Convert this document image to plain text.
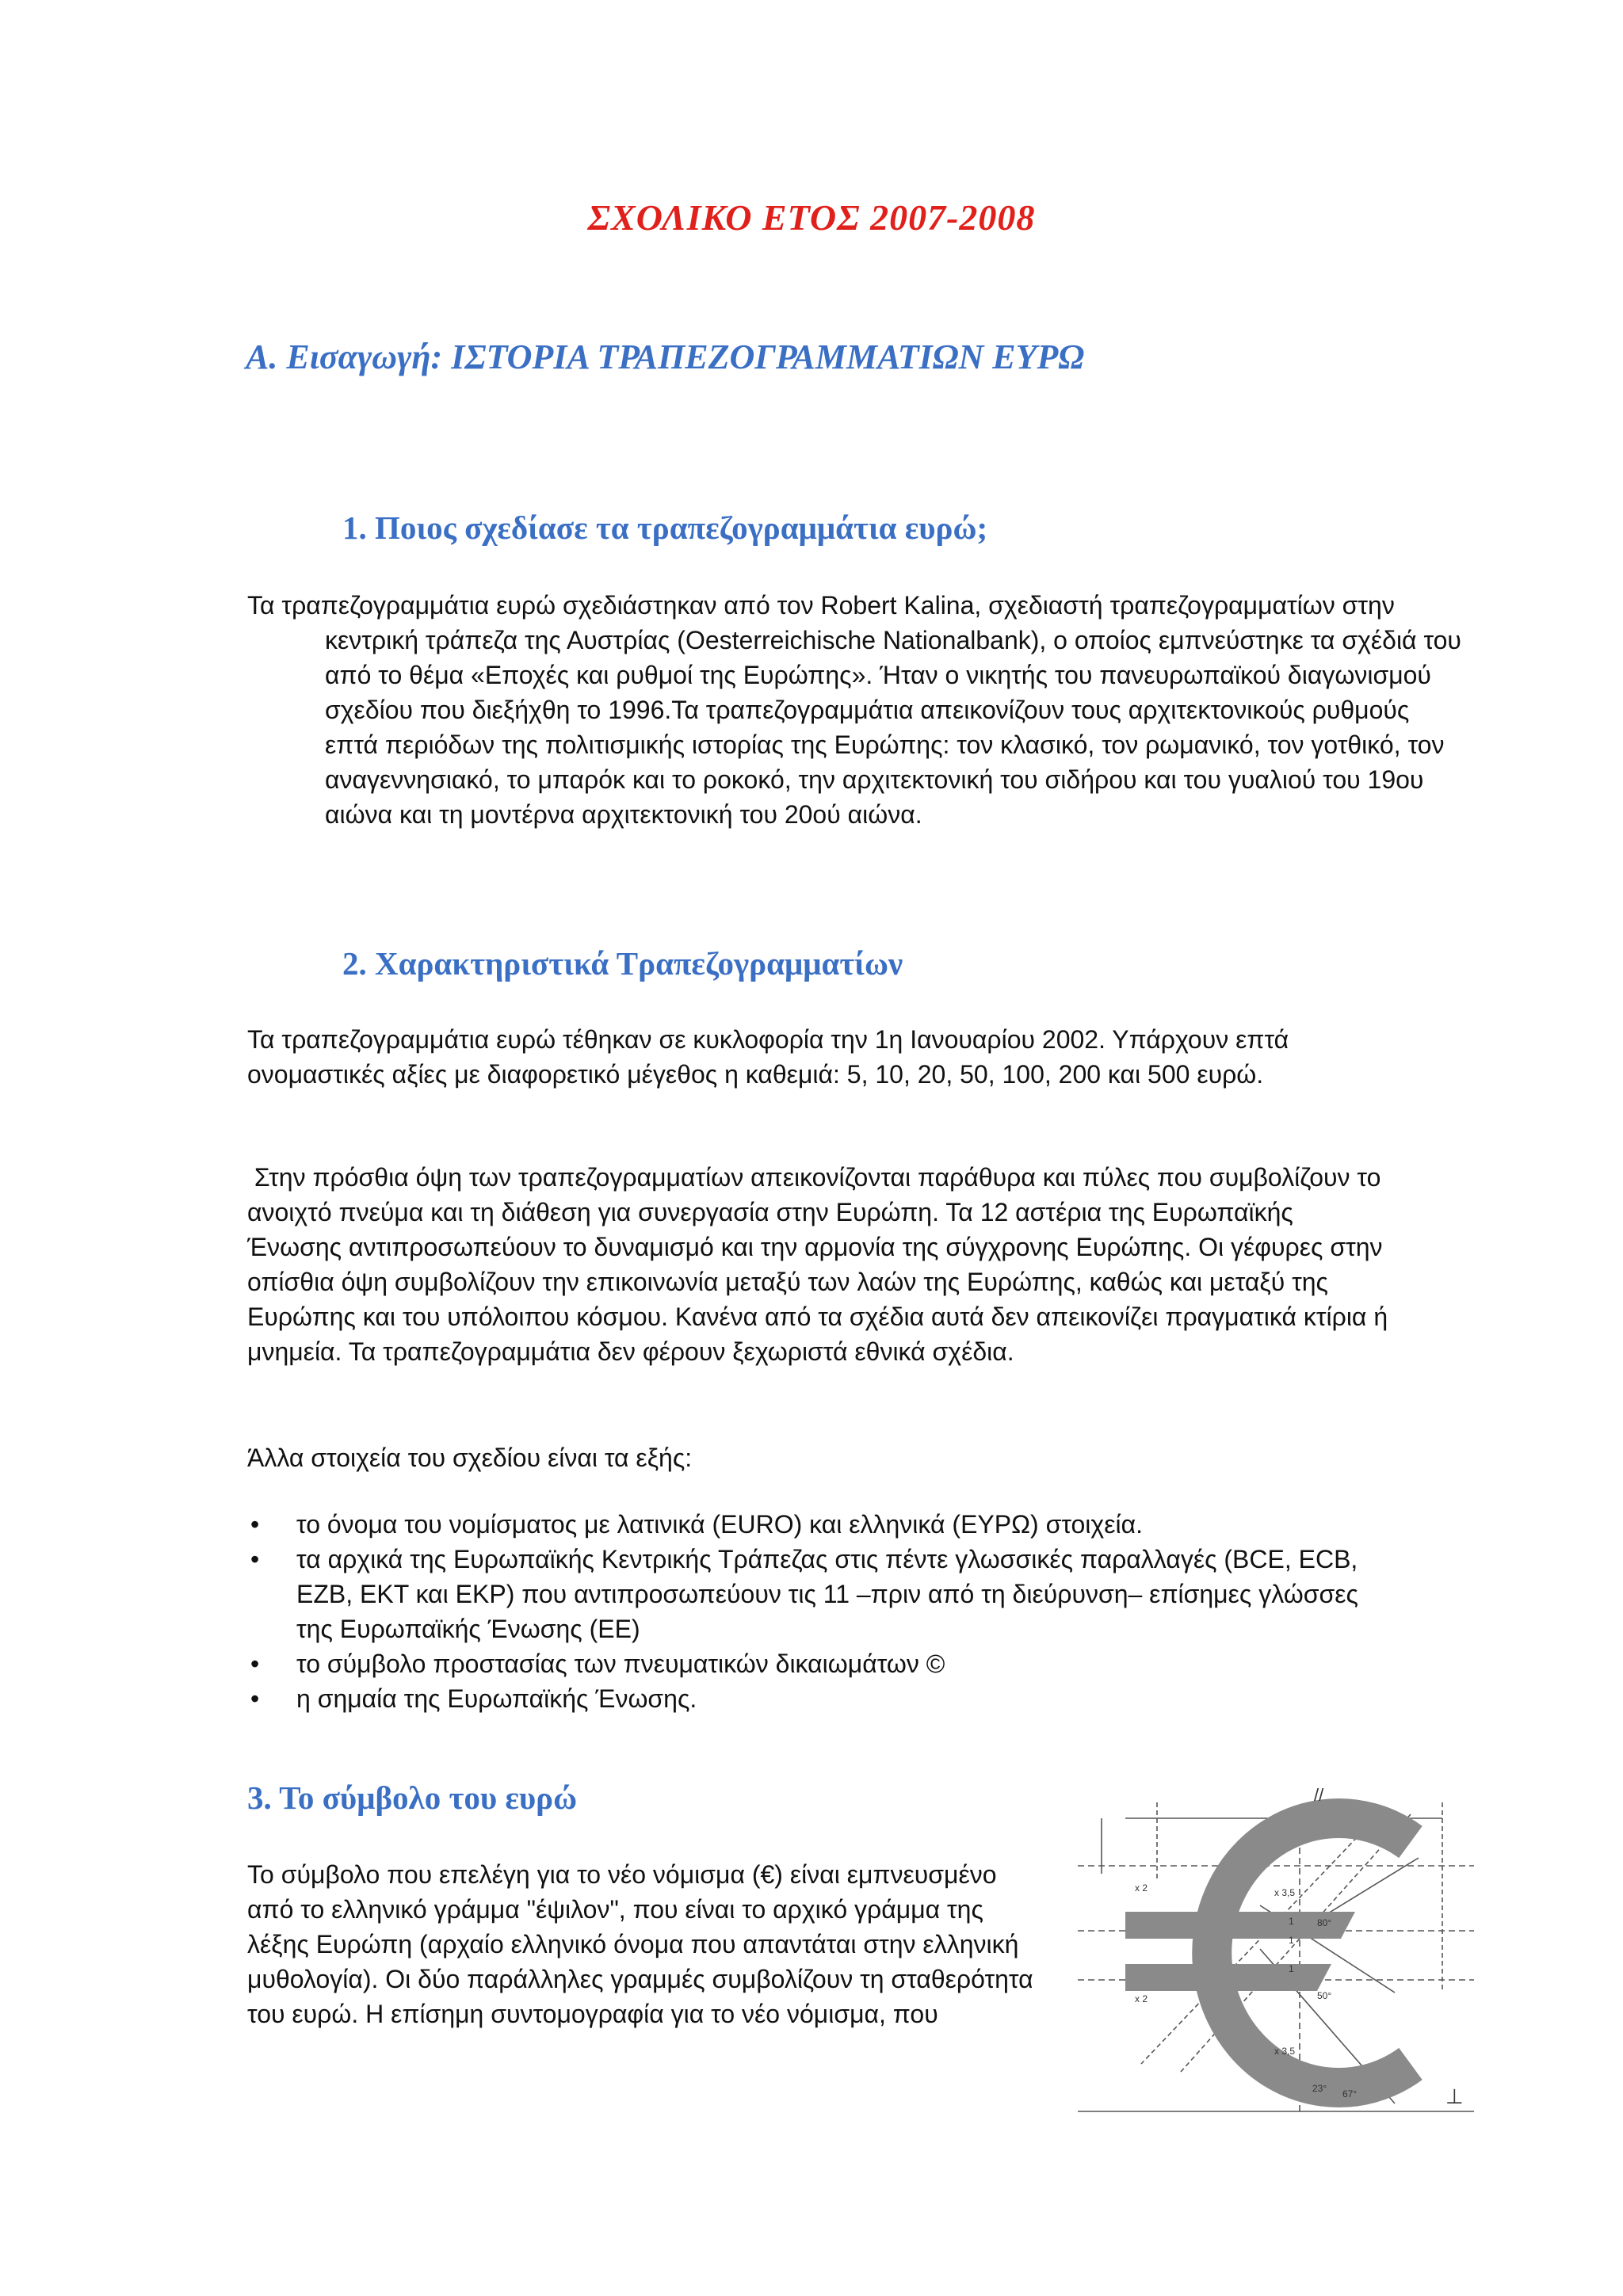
ΣΧΟΛΙΚΟ ΕΤΟΣ 2007-2008
Α. Εισαγωγή: ΙΣΤΟΡΙΑ ΤΡΑΠΕΖΟΓΡΑΜΜΑΤΙΩΝ ΕΥΡΩ
1. Ποιος σχεδίασε τα τραπεζογραμμάτια ευρώ;

Τα τραπεζογραμμάτια ευρώ σχεδιάστηκαν από τον Robert Kalina, σχεδιαστή τραπεζογραμματίων στην κεντρική τράπεζα της Αυστρίας (Oesterreichische Nationalbank), ο οποίος εμπνεύστηκε τα σχέδιά του από το θέμα «Εποχές και ρυθμοί της Ευρώπης». Ήταν ο νικητής του πανευρωπαϊκού διαγωνισμού σχεδίου που διεξήχθη το 1996.Τα τραπεζογραμμάτια απεικονίζουν τους αρχιτεκτονικούς ρυθμούς επτά περιόδων της πολιτισμικής ιστορίας της Ευρώπης: τον κλασικό, τον ρωμανικό, τον γοτθικό, τον αναγεννησιακό, το μπαρόκ και το ροκοκό, την αρχιτεκτονική του σιδήρου και του γυαλιού του 19ου αιώνα και τη μοντέρνα αρχιτεκτονική του 20ού αιώνα.

2. Χαρακτηριστικά Τραπεζογραμματίων

Τα τραπεζογραμμάτια ευρώ τέθηκαν σε κυκλοφορία την 1η Ιανουαρίου 2002. Υπάρχουν επτά ονομαστικές αξίες με διαφορετικό μέγεθος η καθεμιά: 5, 10, 20, 50, 100, 200 και 500 ευρώ.

Στην πρόσθια όψη των τραπεζογραμματίων απεικονίζονται παράθυρα και πύλες που συμβολίζουν το ανοιχτό πνεύμα και τη διάθεση για συνεργασία στην Ευρώπη. Τα 12 αστέρια της Ευρωπαϊκής Ένωσης αντιπροσωπεύουν το δυναμισμό και την αρμονία της σύγχρονης Ευρώπης. Οι γέφυρες στην οπίσθια όψη συμβολίζουν την επικοινωνία μεταξύ των λαών της Ευρώπης, καθώς και μεταξύ της Ευρώπης και του υπόλοιπου κόσμου. Κανένα από τα σχέδια αυτά δεν απεικονίζει πραγματικά κτίρια ή μνημεία. Τα τραπεζογραμμάτια δεν φέρουν ξεχωριστά εθνικά σχέδια.

Άλλα στοιχεία του σχεδίου είναι τα εξής:

• το όνομα του νομίσματος με λατινικά (EURO) και ελληνικά (ΕΥΡΩ) στοιχεία.
• τα αρχικά της Ευρωπαϊκής Κεντρικής Τράπεζας στις πέντε γλωσσικές παραλλαγές (BCE, ECB, EZB, EKT και EKP) που αντιπροσωπεύουν τις 11 –πριν από τη διεύρυνση– επίσημες γλώσσες της Ευρωπαϊκής Ένωσης (ΕΕ)
• το σύμβολο προστασίας των πνευματικών δικαιωμάτων ©
• η σημαία της Ευρωπαϊκής Ένωσης.
3. Το σύμβολο του ευρώ

Το σύμβολο που επελέγη για το νέο νόμισμα (€) είναι εμπνευσμένο από το ελληνικό γράμμα "έψιλον", που είναι το αρχικό γράμμα της λέξης Ευρώπη (αρχαίο ελληνικό όνομα που απαντάται στην ελληνική μυθολογία). Οι δύο παράλληλες γραμμές συμβολίζουν τη σταθερότητα του ευρώ. Η επίσημη συντομογραφία για το νέο νόμισμα, που

//
x 3,5
x 3,5
x 2
x 2
1
1
1
80°
50°
23° 67°	⊥
